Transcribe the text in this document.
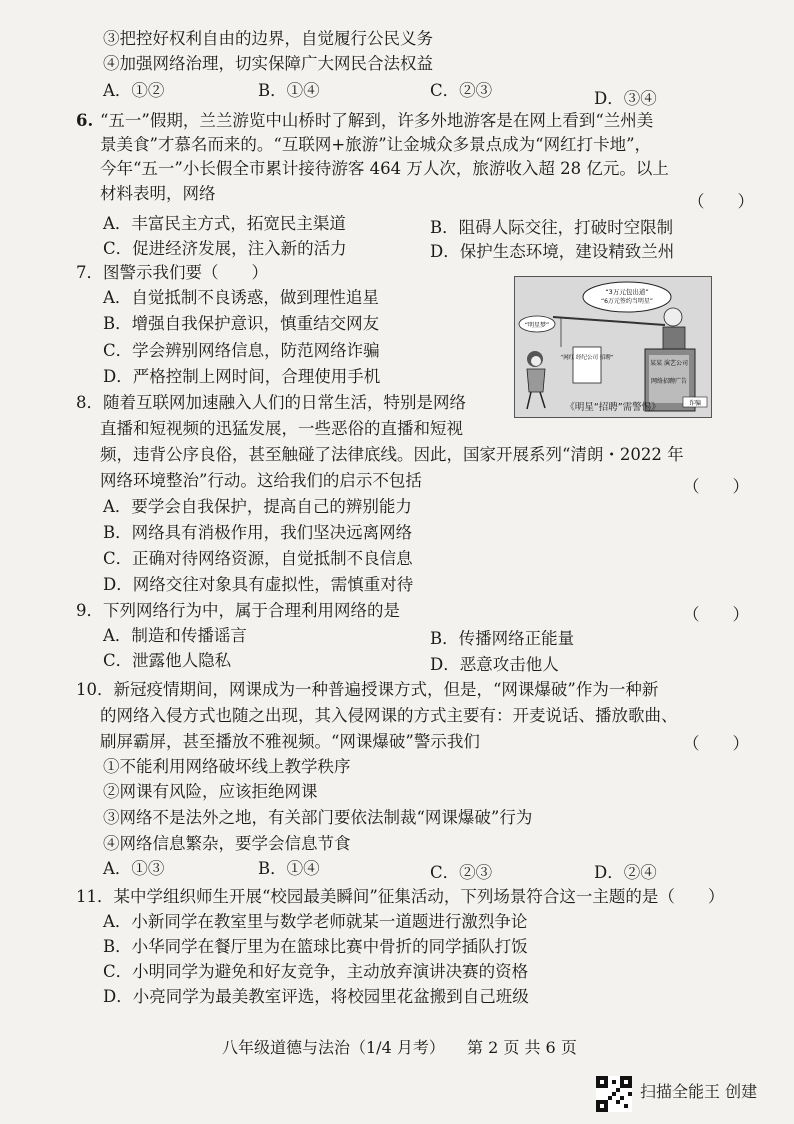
③把控好权利自由的边界，自觉履行公民义务
④加强网络治理，切实保障广大网民合法权益
A．①②	B．①④	C．②③	D．③④
6. “五一”假期，兰兰游览中山桥时了解到，许多外地游客是在网上看到“兰州美
景美食”才慕名而来的。“互联网+旅游”让金城众多景点成为“网红打卡地”，
今年“五一”小长假全市累计接待游客 464 万人次，旅游收入超 28 亿元。以上
材料表明，网络	（　　）
A．丰富民主方式，拓宽民主渠道	B．阻碍人际交往，打破时空限制
C．促进经济发展，注入新的活力	D．保护生态环境，建设精致兰州
7．图警示我们要（　　）
A．自觉抵制不良诱惑，做到理性追星
B．增强自我保护意识，慎重结交网友
C．学会辨别网络信息，防范网络诈骗
D．严格控制上网时间，合理使用手机
8．随着互联网加速融入人们的日常生活，特别是网络
直播和短视频的迅猛发展，一些恶俗的直播和短视
频，违背公序良俗，甚至触碰了法律底线。因此，国家开展系列“清朗・2022 年
网络环境整治”行动。这给我们的启示不包括	（　　）
A．要学会自我保护，提高自己的辨别能力
B．网络具有消极作用，我们坚决远离网络
C．正确对待网络资源，自觉抵制不良信息
D．网络交往对象具有虚拟性，需慎重对待
9．下列网络行为中，属于合理利用网络的是	（　　）
A．制造和传播谣言	B．传播网络正能量
C．泄露他人隐私	D．恶意攻击他人
10．新冠疫情期间，网课成为一种普遍授课方式，但是，“网课爆破”作为一种新
的网络入侵方式也随之出现，其入侵网课的方式主要有：开麦说话、播放歌曲、
刷屏霸屏，甚至播放不雅视频。“网课爆破”警示我们	（　　）
①不能利用网络破坏线上教学秩序
②网课有风险，应该拒绝网课
③网络不是法外之地，有关部门要依法制裁“网课爆破”行为
④网络信息繁杂，要学会信息节食
A．①③	B．①④	C．②③	D．②④
11．某中学组织师生开展“校园最美瞬间”征集活动，下列场景符合这一主题的是（　　）
A．小新同学在教室里与数学老师就某一道题进行激烈争论
B．小华同学在餐厅里为在篮球比赛中骨折的同学插队打饭
C．小明同学为避免和好友竞争，主动放弃演讲决赛的资格
D．小亮同学为最美教室评选，将校园里花盆搬到自己班级
“3万元包出道”
“6万元签约当明星”
“明星梦”
“网红 经纪公司 招聘”
某某 演艺公司
网络招聘广告
诈骗
《明星“招聘”需警惕》
八年级道德与法治（1/4 月考） 第 2 页 共 6 页
扫描全能王 创建
